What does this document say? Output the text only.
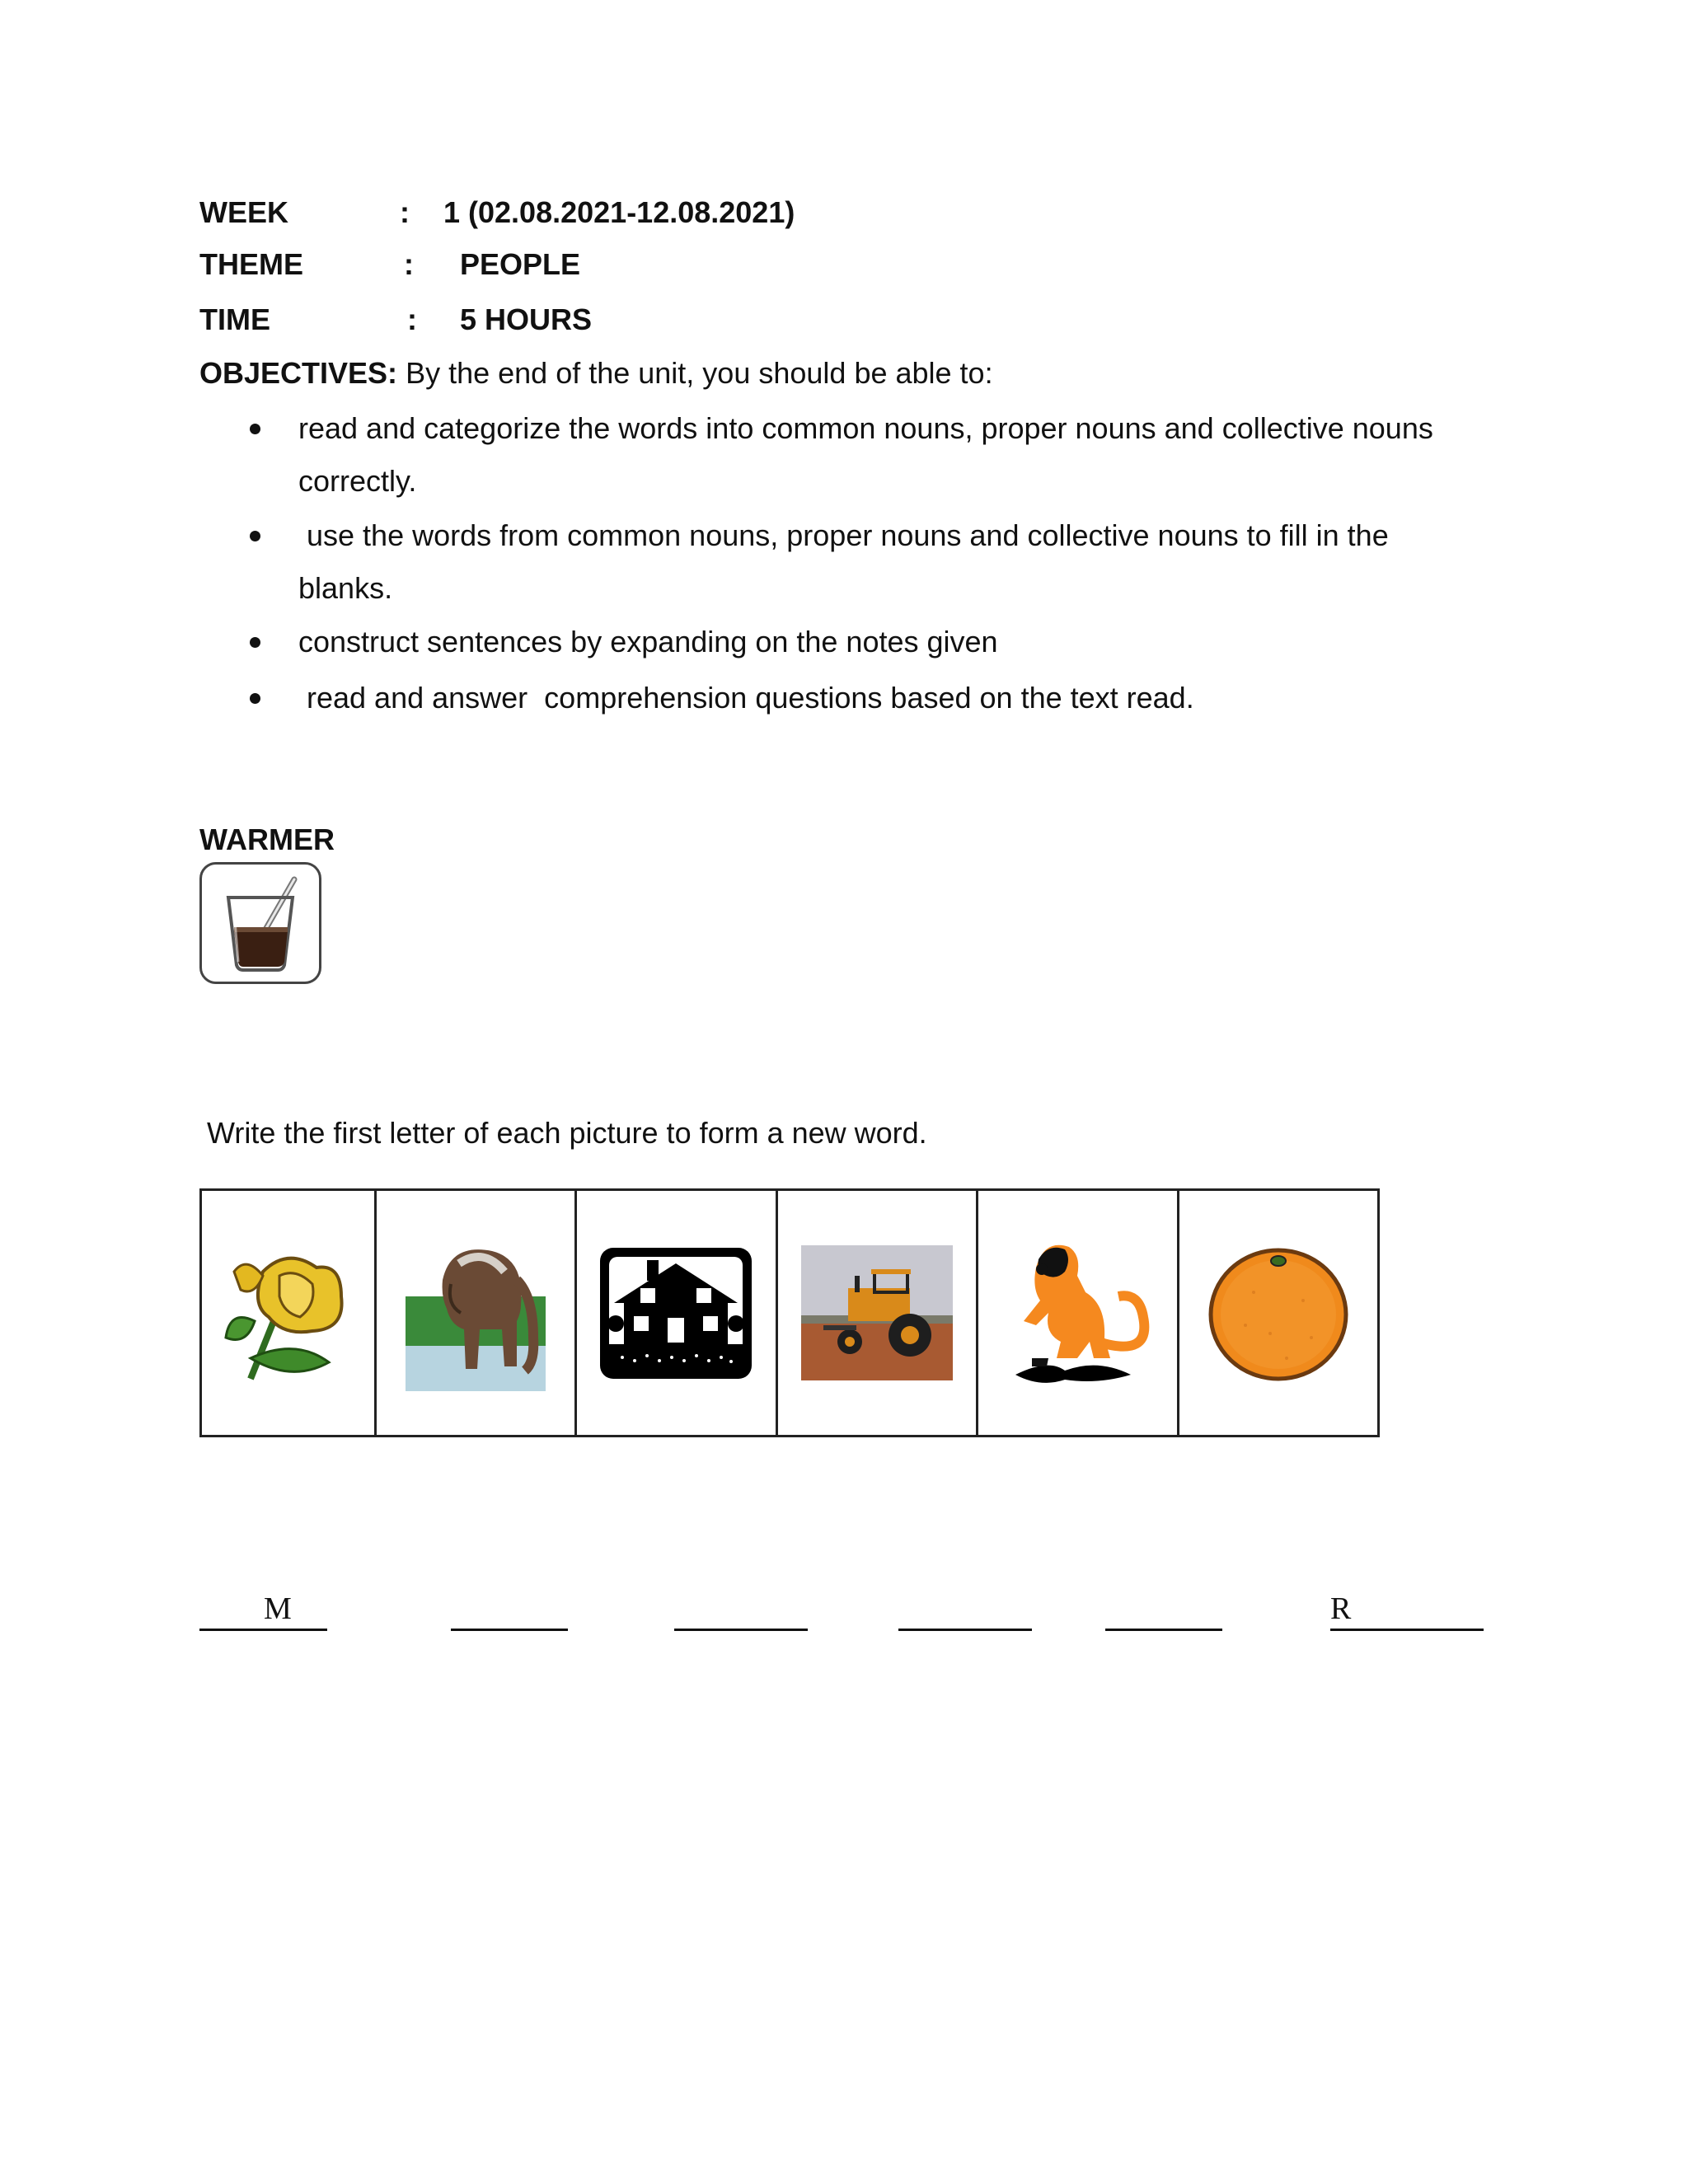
WEEK	: 1 (02.08.2021-12.08.2021)
THEME	: PEOPLE
TIME	: 5 HOURS
OBJECTIVES: By the end of the unit, you should be able to:
read and categorize the words into common nouns, proper nouns and collective nouns
correctly.
use the words from common nouns, proper nouns and collective nouns to fill in the
blanks.
construct sentences by expanding on the notes given
read and answer  comprehension questions based on the text read.
WARMER
Write the first letter of each picture to form a new word.
M	R
